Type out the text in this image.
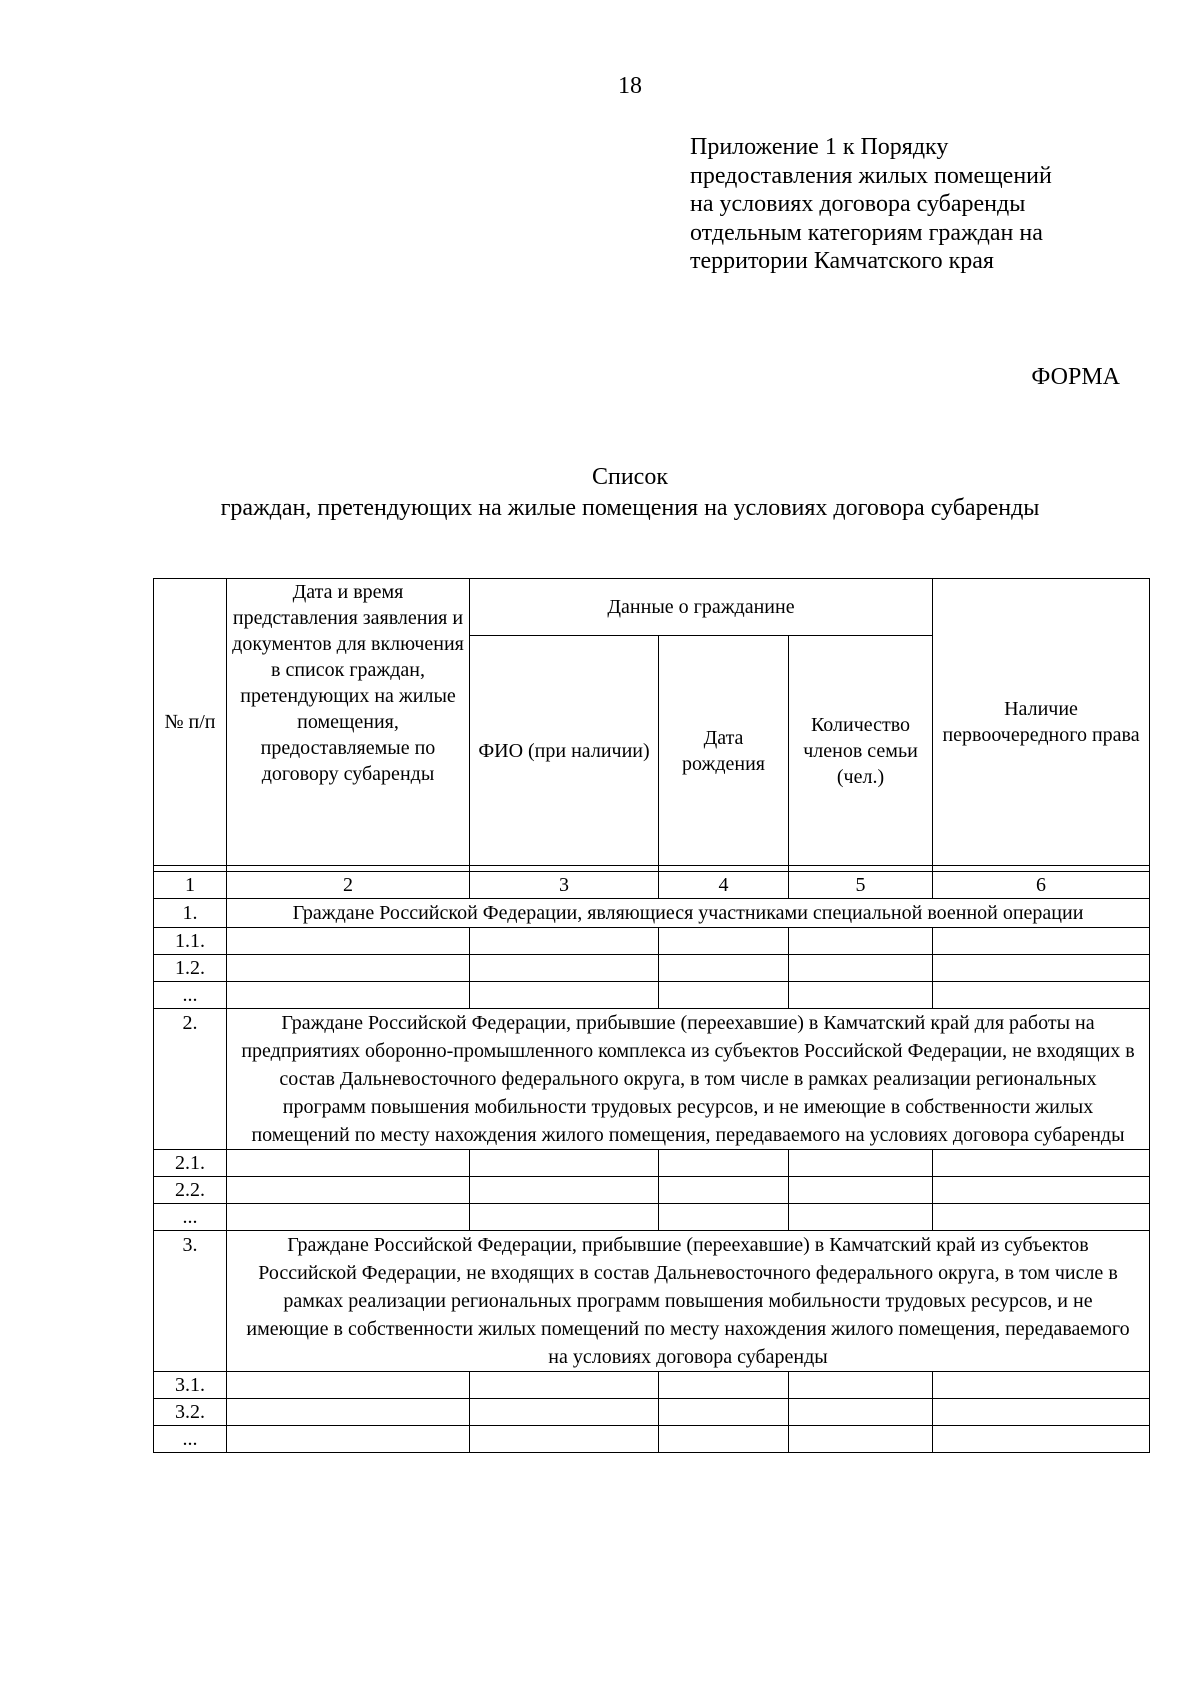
18
Приложение 1 к Порядку
предоставления жилых помещений
на условиях договора субаренды
отдельным категориям граждан на
территории Камчатского края
ФОРМА
Список
граждан, претендующих на жилые помещения на условиях договора субаренды
№ п/п	Дата и время представления заявления и документов для включения в список граждан, претендующих на жилые помещения, предоставляемые по договору субаренды	Данные о гражданине			Наличие первоочередного права
		ФИО (при наличии)	Дата рождения	Количество членов семьи (чел.)	

1	2	3	4	5	6
1.	Граждане Российской Федерации, являющиеся участниками специальной военной операции				
1.1.					
1.2.					
...					
2.	Граждане Российской Федерации, прибывшие (переехавшие) в Камчатский край для работы на предприятиях оборонно-промышленного комплекса из субъектов Российской Федерации, не входящих в состав Дальневосточного федерального округа, в том числе в рамках реализации региональных программ повышения мобильности трудовых ресурсов, и не имеющие в собственности жилых помещений по месту нахождения жилого помещения, передаваемого на условиях договора субаренды				
2.1.					
2.2.					
...					
3.	Граждане Российской Федерации, прибывшие (переехавшие) в Камчатский край из субъектов Российской Федерации, не входящих в состав Дальневосточного федерального округа, в том числе в рамках реализации региональных программ повышения мобильности трудовых ресурсов, и не имеющие в собственности жилых помещений по месту нахождения жилого помещения, передаваемого на условиях договора субаренды				
3.1.					
3.2.					
...					
